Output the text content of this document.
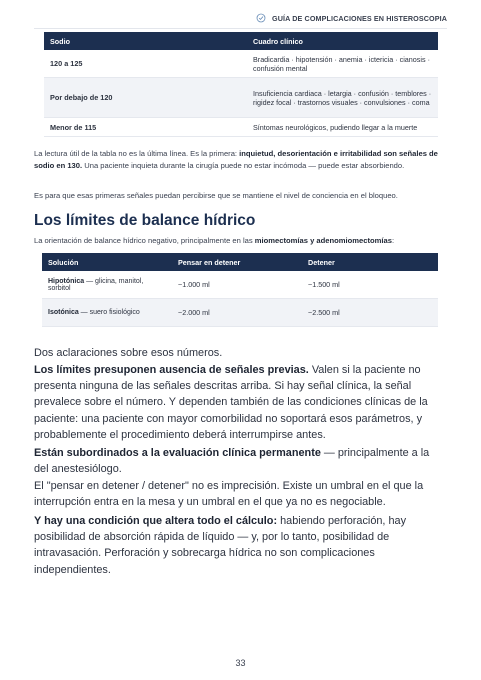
GUÍA DE COMPLICACIONES EN HISTEROSCOPIA
Sodio	Cuadro clínico
120 a 125	Bradicardia · hipotensión · anemia · ictericia · cianosis · confusión mental
Por debajo de 120	Insuficiencia cardiaca · letargia · confusión · temblores · rigidez focal · trastornos visuales · convulsiones · coma
Menor de 115	Síntomas neurológicos, pudiendo llegar a la muerte

La lectura útil de la tabla no es la última línea. Es la primera: inquietud, desorientación e irritabilidad son señales de sodio en 130. Una paciente inquieta durante la cirugía puede no estar incómoda — puede estar absorbiendo.

Es para que esas primeras señales puedan percibirse que se mantiene el nivel de conciencia en el bloqueo.

Los límites de balance hídrico

La orientación de balance hídrico negativo, principalmente en las miomectomías y adenomiomectomías:

Solución	Pensar en detener	Detener
Hipotónica — glicina, manitol, sorbitol	~1.000 ml	~1.500 ml
Isotónica — suero fisiológico	~2.000 ml	~2.500 ml

Dos aclaraciones sobre esos números.

Los límites presuponen ausencia de señales previas. Valen si la paciente no presenta ninguna de las señales descritas arriba. Si hay señal clínica, la señal prevalece sobre el número. Y dependen también de las condiciones clínicas de la paciente: una paciente con mayor comorbilidad no soportará esos parámetros, y probablemente el procedimiento deberá interrumpirse antes.

Están subordinados a la evaluación clínica permanente — principalmente a la del anestesiólogo.

El "pensar en detener / detener" no es imprecisión. Existe un umbral en el que la interrupción entra en la mesa y un umbral en el que ya no es negociable.

Y hay una condición que altera todo el cálculo: habiendo perforación, hay posibilidad de absorción rápida de líquido — y, por lo tanto, posibilidad de intravasación. Perforación y sobrecarga hídrica no son complicaciones independientes.

33
